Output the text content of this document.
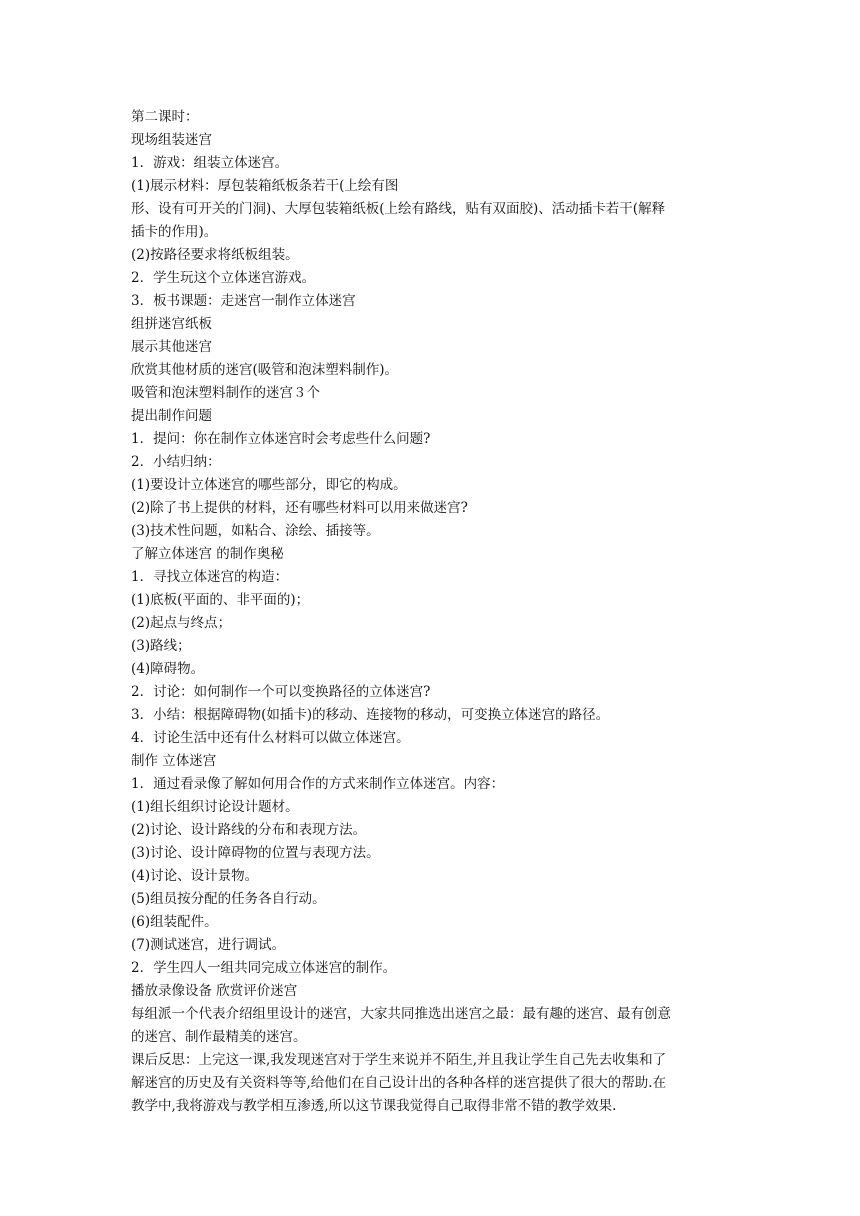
第二课时：
现场组装迷宫
1．游戏：组装立体迷宫。
(1)展示材料：厚包装箱纸板条若干(上绘有图
形、设有可开关的门洞)、大厚包装箱纸板(上绘有路线，贴有双面胶)、活动插卡若干(解释
插卡的作用)。
(2)按路径要求将纸板组装。
2．学生玩这个立体迷宫游戏。
3．板书课题：走迷宫一制作立体迷宫
组拼迷宫纸板
展示其他迷宫
欣赏其他材质的迷宫(吸管和泡沫塑料制作)。
吸管和泡沫塑料制作的迷宫３个
提出制作问题
1．提问：你在制作立体迷宫时会考虑些什么问题?
2．小结归纳：
(1)要设计立体迷宫的哪些部分，即它的构成。
(2)除了书上提供的材料，还有哪些材料可以用来做迷宫?
(3)技术性问题，如粘合、涂绘、插接等。
了解立体迷宫 的制作奥秘
1．寻找立体迷宫的构造：
(1)底板(平面的、非平面的)；
(2)起点与终点；
(3)路线；
(4)障碍物。
2．讨论：如何制作一个可以变换路径的立体迷宫?
3．小结：根据障碍物(如插卡)的移动、连接物的移动，可变换立体迷宫的路径。
4．讨论生活中还有什么材料可以做立体迷宫。
制作 立体迷宫
1．通过看录像了解如何用合作的方式来制作立体迷宫。内容：
(1)组长组织讨论设计题材。
(2)讨论、设计路线的分布和表现方法。
(3)讨论、设计障碍物的位置与表现方法。
(4)讨论、设计景物。
(5)组员按分配的任务各自行动。
(6)组装配件。
(7)测试迷宫，进行调试。
2．学生四人一组共同完成立体迷宫的制作。
播放录像设备 欣赏评价迷宫
每组派一个代表介绍组里设计的迷宫，大家共同推选出迷宫之最：最有趣的迷宫、最有创意
的迷宫、制作最精美的迷宫。
课后反思：上完这一课,我发现迷宫对于学生来说并不陌生,并且我让学生自己先去收集和了
解迷宫的历史及有关资料等等,给他们在自己设计出的各种各样的迷宫提供了很大的帮助.在
教学中,我将游戏与教学相互渗透,所以这节课我觉得自己取得非常不错的教学效果.
